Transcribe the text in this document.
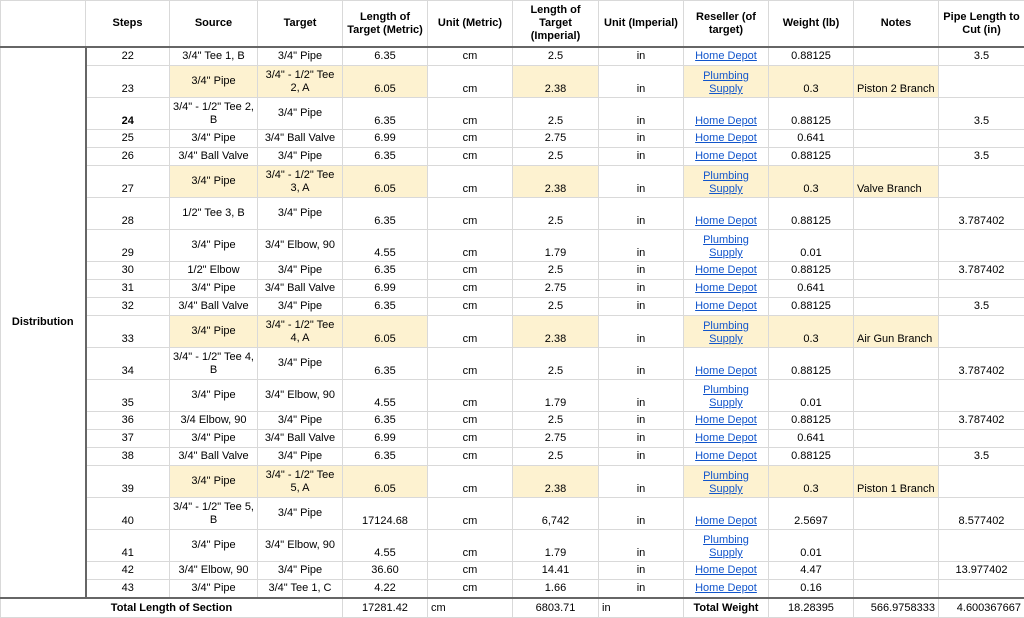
	Steps	Source	Target	Length of Target (Metric)	Unit (Metric)	Length of Target (Imperial)	Unit (Imperial)	Reseller (of target)	Weight (lb)	Notes	Pipe Length to Cut (in)
Distribution	22	3/4" Tee 1, B	3/4" Pipe	6.35	cm	2.5	in	Home Depot	0.88125		3.5
	23	3/4" Pipe	3/4" - 1/2" Tee 2, A	6.05	cm	2.38	in	Plumbing Supply	0.3	Piston 2 Branch	
	24	3/4" - 1/2" Tee 2, B	3/4" Pipe	6.35	cm	2.5	in	Home Depot	0.88125		3.5
	25	3/4" Pipe	3/4" Ball Valve	6.99	cm	2.75	in	Home Depot	0.641		
	26	3/4" Ball Valve	3/4" Pipe	6.35	cm	2.5	in	Home Depot	0.88125		3.5
	27	3/4" Pipe	3/4" - 1/2" Tee 3, A	6.05	cm	2.38	in	Plumbing Supply	0.3	Valve Branch	
	28	1/2" Tee 3, B	3/4" Pipe	6.35	cm	2.5	in	Home Depot	0.88125		3.787402
	29	3/4" Pipe	3/4" Elbow, 90	4.55	cm	1.79	in	Plumbing Supply	0.01		
	30	1/2" Elbow	3/4" Pipe	6.35	cm	2.5	in	Home Depot	0.88125		3.787402
	31	3/4" Pipe	3/4" Ball Valve	6.99	cm	2.75	in	Home Depot	0.641		
	32	3/4" Ball Valve	3/4" Pipe	6.35	cm	2.5	in	Home Depot	0.88125		3.5
	33	3/4" Pipe	3/4" - 1/2" Tee 4, A	6.05	cm	2.38	in	Plumbing Supply	0.3	Air Gun Branch	
	34	3/4" - 1/2" Tee 4, B	3/4" Pipe	6.35	cm	2.5	in	Home Depot	0.88125		3.787402
	35	3/4" Pipe	3/4" Elbow, 90	4.55	cm	1.79	in	Plumbing Supply	0.01		
	36	3/4 Elbow, 90	3/4" Pipe	6.35	cm	2.5	in	Home Depot	0.88125		3.787402
	37	3/4" Pipe	3/4" Ball Valve	6.99	cm	2.75	in	Home Depot	0.641		
	38	3/4" Ball Valve	3/4" Pipe	6.35	cm	2.5	in	Home Depot	0.88125		3.5
	39	3/4" Pipe	3/4" - 1/2" Tee 5, A	6.05	cm	2.38	in	Plumbing Supply	0.3	Piston 1 Branch	
	40	3/4" - 1/2" Tee 5, B	3/4" Pipe	17124.68	cm	6,742	in	Home Depot	2.5697		8.577402
	41	3/4" Pipe	3/4" Elbow, 90	4.55	cm	1.79	in	Plumbing Supply	0.01		
	42	3/4" Elbow, 90	3/4" Pipe	36.60	cm	14.41	in	Home Depot	4.47		13.977402
	43	3/4" Pipe	3/4" Tee 1, C	4.22	cm	1.66	in	Home Depot	0.16		
Total Length of Section				17281.42	cm	6803.71	in	Total Weight	18.28395	566.9758333	4.600367667
